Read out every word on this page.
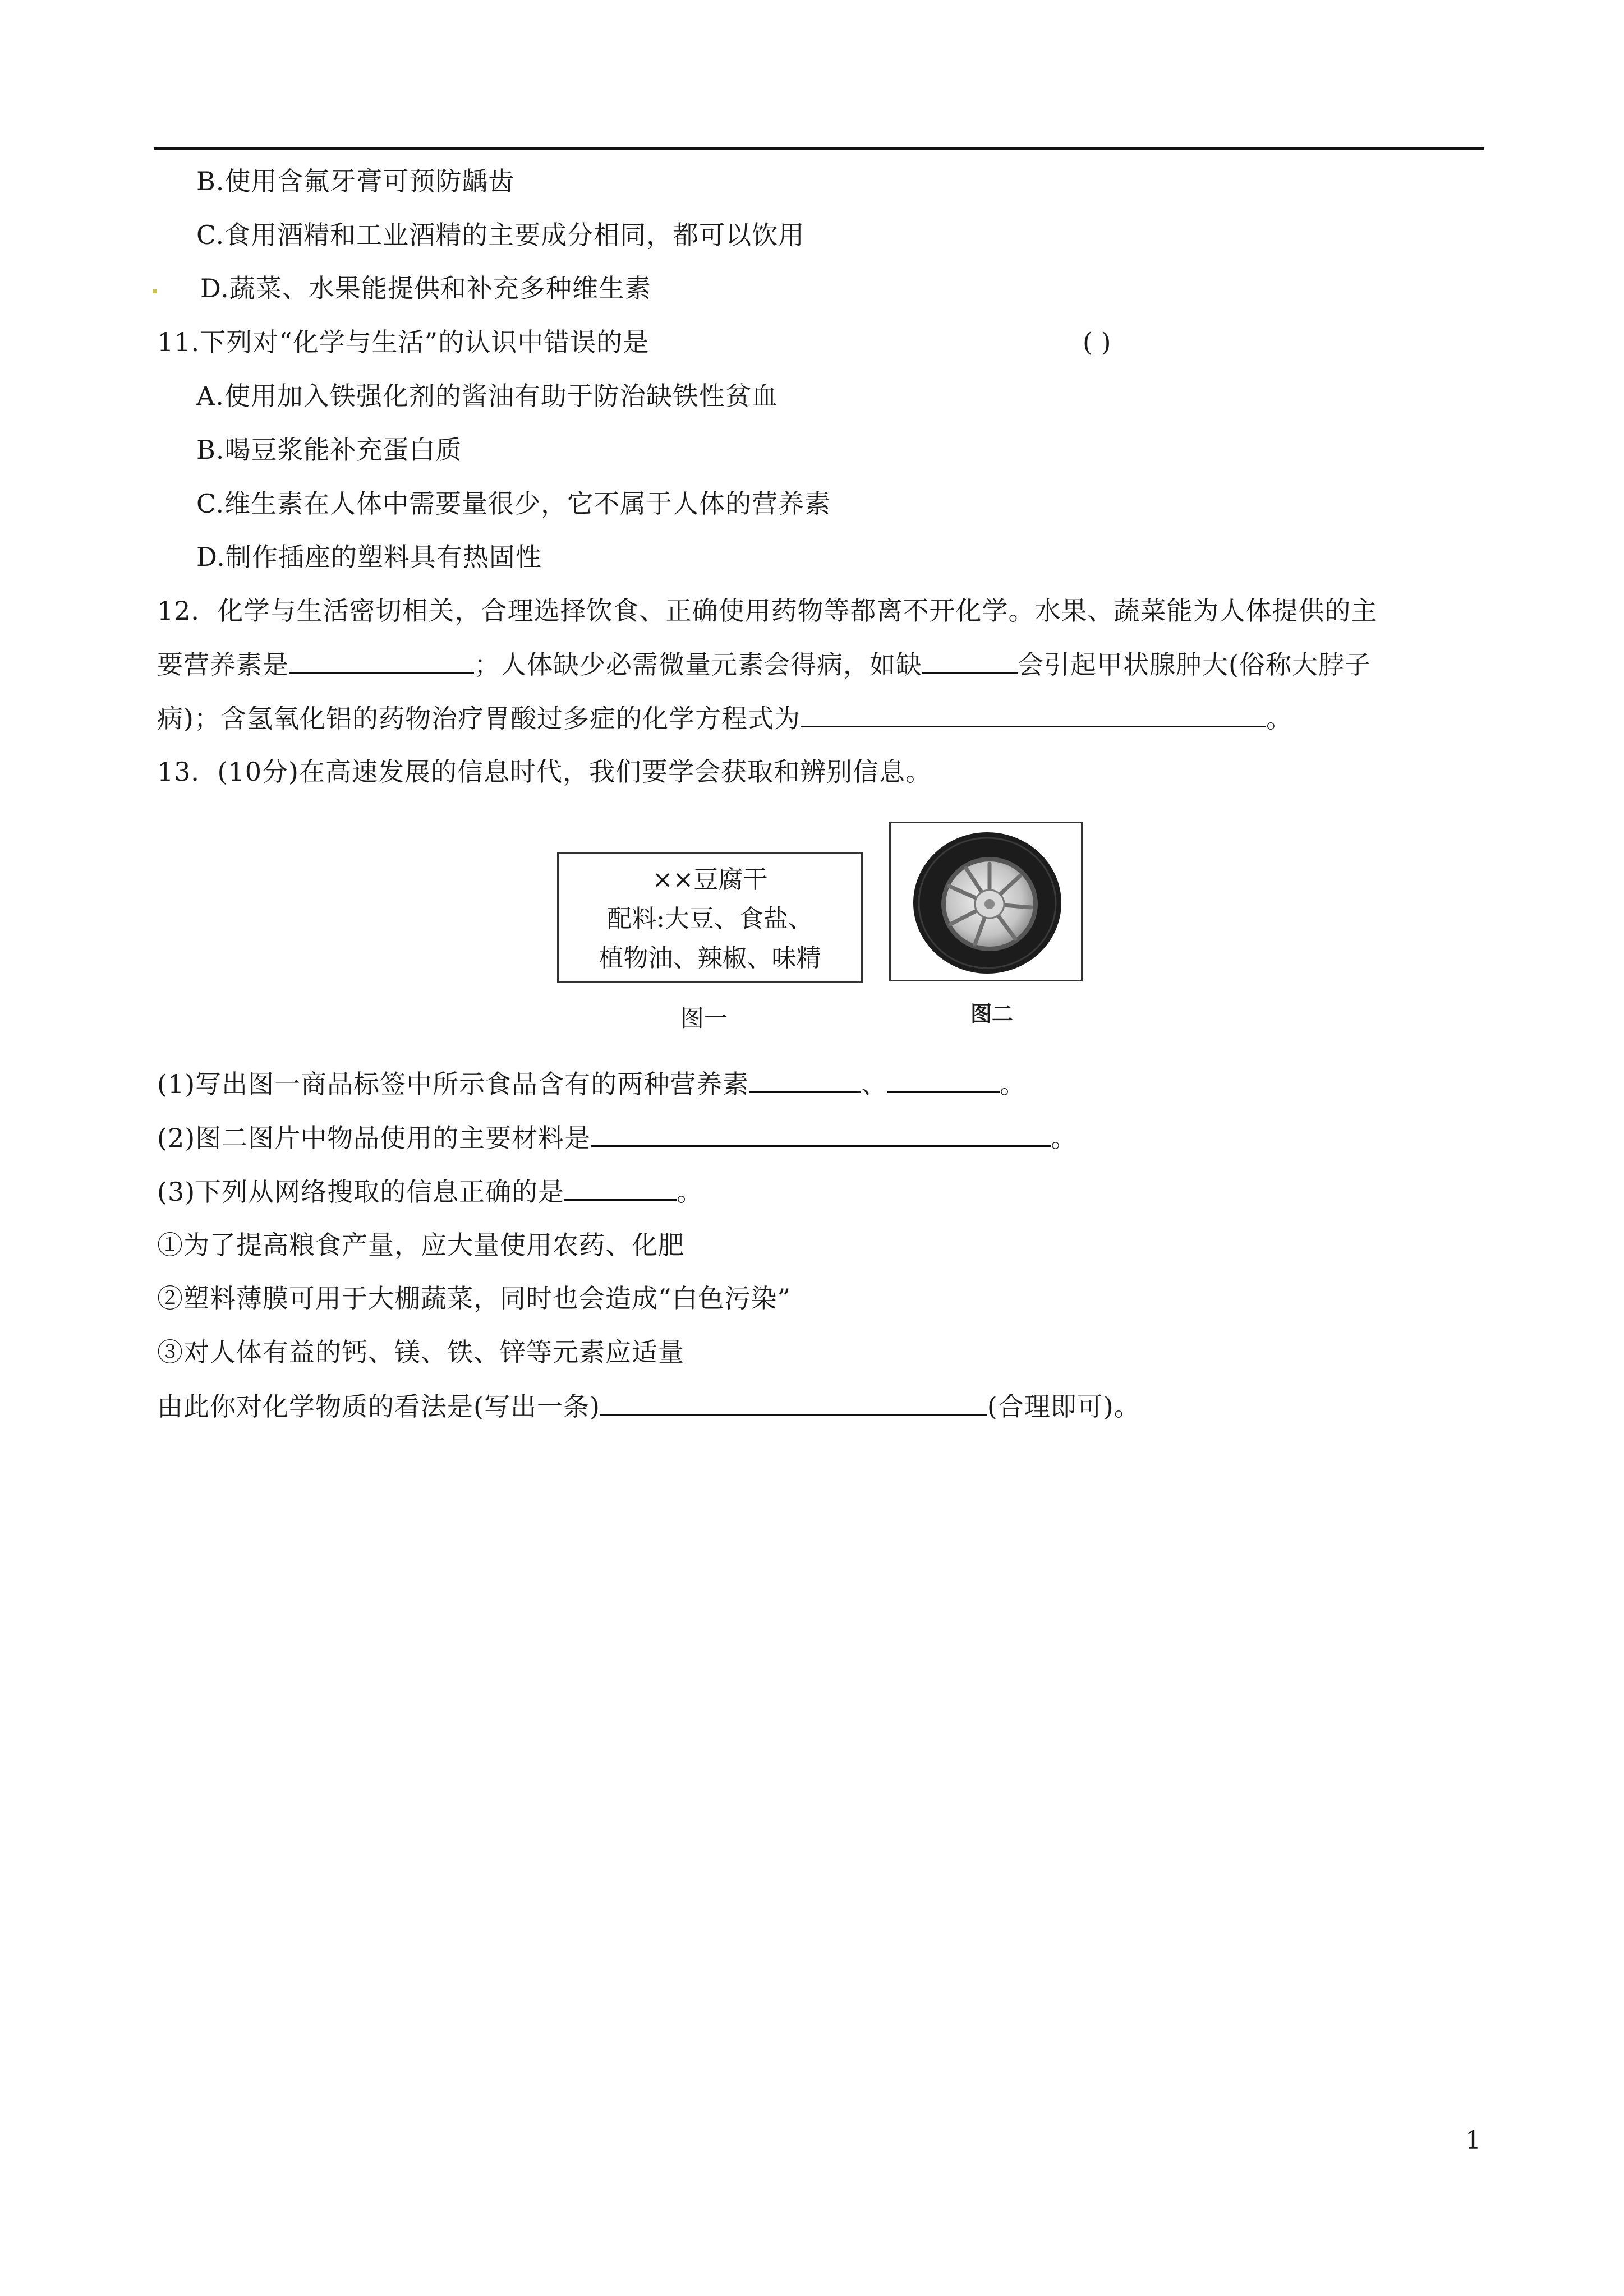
B.使用含氟牙膏可预防龋齿
C.食用酒精和工业酒精的主要成分相同，都可以饮用
D.蔬菜、水果能提供和补充多种维生素
11.下列对“化学与生活”的认识中错误的是	( )
A.使用加入铁强化剂的酱油有助于防治缺铁性贫血
B.喝豆浆能补充蛋白质
C.维生素在人体中需要量很少，它不属于人体的营养素
D.制作插座的塑料具有热固性
12．化学与生活密切相关，合理选择饮食、正确使用药物等都离不开化学。水果、蔬菜能为人体提供的主
要营养素是	；人体缺少必需微量元素会得病，如缺	会引起甲状腺肿大(俗称大脖子
病)；含氢氧化铝的药物治疗胃酸过多症的化学方程式为	。
13．(10分)在高速发展的信息时代，我们要学会获取和辨别信息。
××豆腐干
配料:大豆、食盐、
植物油、辣椒、味精
图一	图二
(1)写出图一商品标签中所示食品含有的两种营养素	、	。
(2)图二图片中物品使用的主要材料是	。
(3)下列从网络搜取的信息正确的是	。
①为了提高粮食产量，应大量使用农药、化肥
②塑料薄膜可用于大棚蔬菜，同时也会造成“白色污染”
③对人体有益的钙、镁、铁、锌等元素应适量
由此你对化学物质的看法是(写出一条)	(合理即可)。
1
